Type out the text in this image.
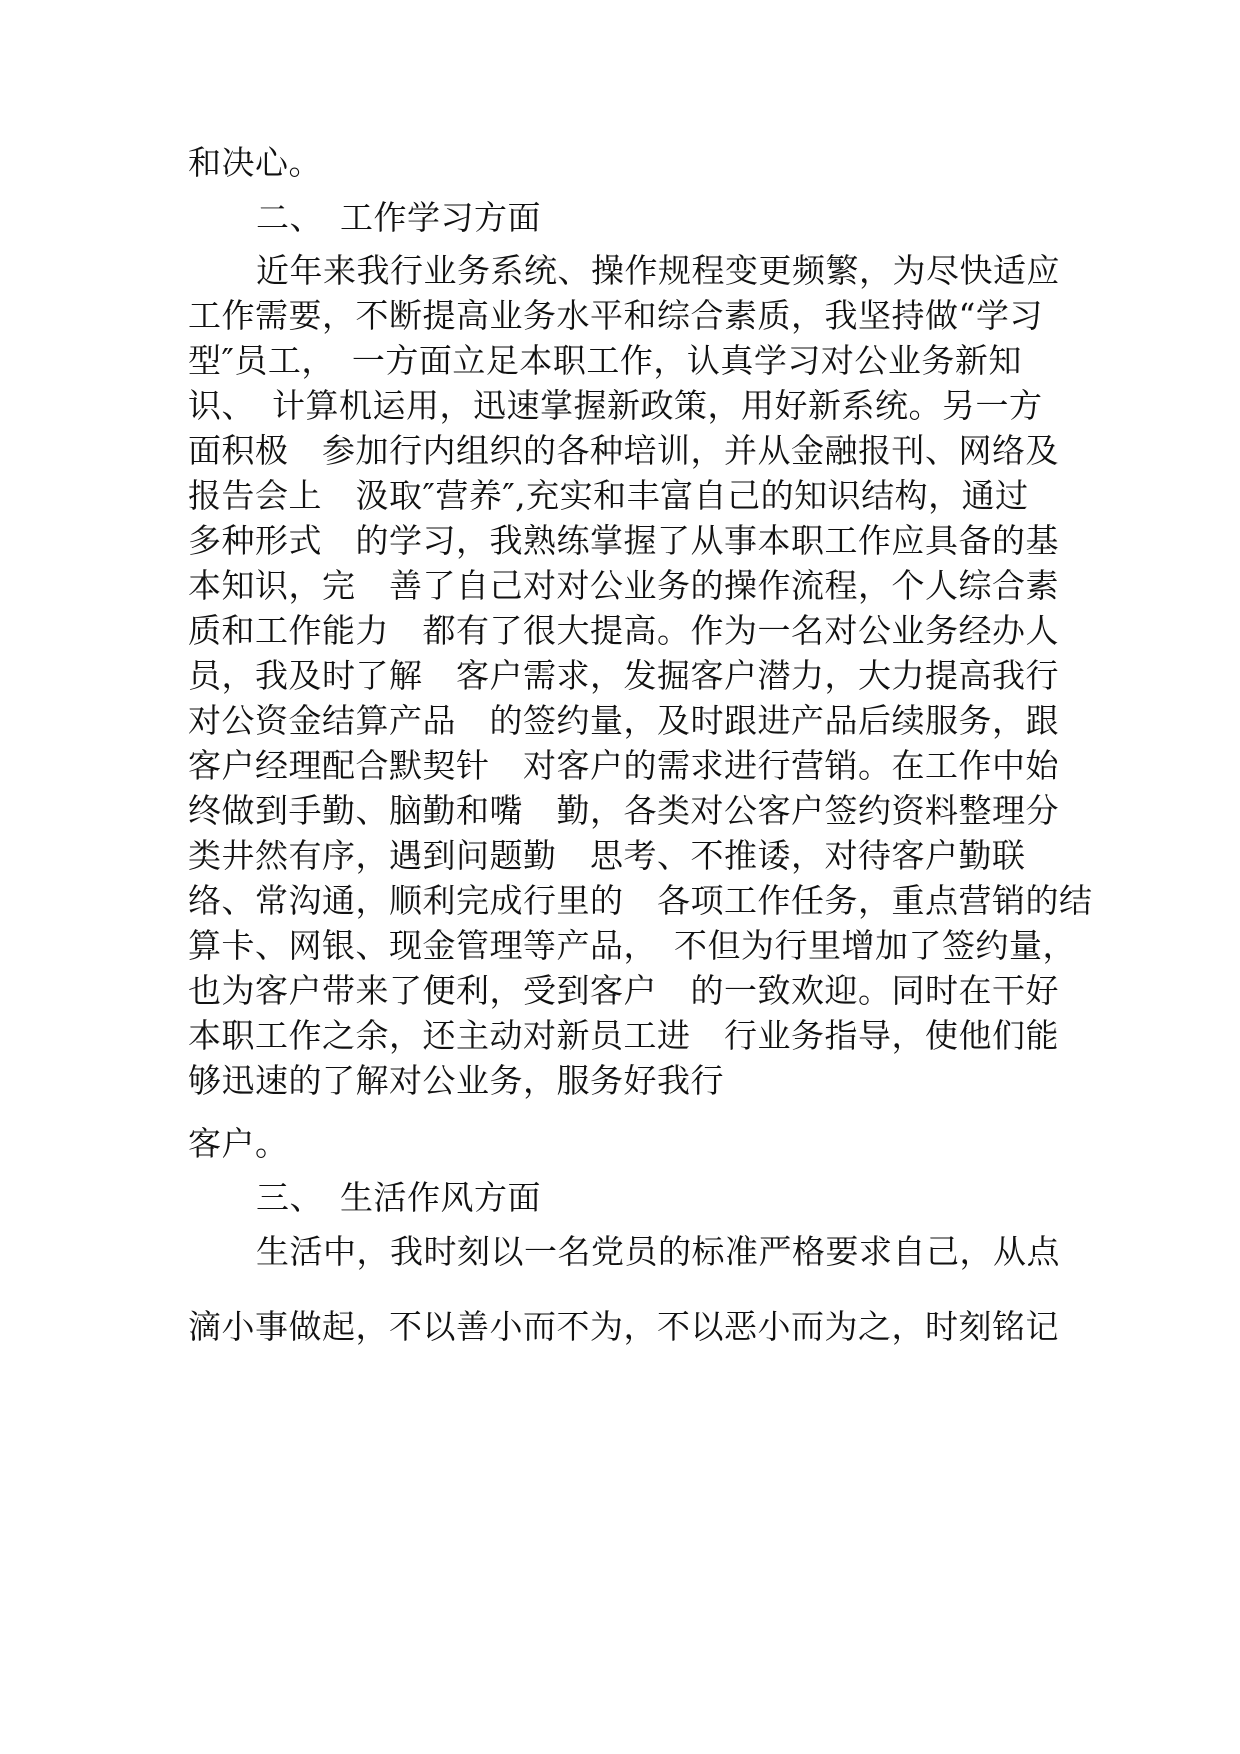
和决心。
二、　工作学习方面
近年来我行业务系统、操作规程变更频繁，为尽快适应
工作需要，不断提高业务水平和综合素质，我坚持做“学习
型″员工，　一方面立足本职工作，认真学习对公业务新知
识、　计算机运用，迅速掌握新政策，用好新系统。另一方
面积极　参加行内组织的各种培训，并从金融报刊、网络及
报告会上　汲取″营养″,充实和丰富自己的知识结构，通过
多种形式　的学习，我熟练掌握了从事本职工作应具备的基
本知识，完　善了自己对对公业务的操作流程，个人综合素
质和工作能力　都有了很大提高。作为一名对公业务经办人
员，我及时了解　客户需求，发掘客户潜力，大力提高我行
对公资金结算产品　的签约量，及时跟进产品后续服务，跟
客户经理配合默契针　对客户的需求进行营销。在工作中始
终做到手勤、脑勤和嘴　勤，各类对公客户签约资料整理分
类井然有序，遇到问题勤　思考、不推诿，对待客户勤联
络、常沟通，顺利完成行里的　各项工作任务，重点营销的结
算卡、网银、现金管理等产品，　不但为行里增加了签约量，
也为客户带来了便利，受到客户　的一致欢迎。同时在干好
本职工作之余，还主动对新员工进　行业务指导，使他们能
够迅速的了解对公业务，服务好我行
客户。
三、　生活作风方面
生活中，我时刻以一名党员的标准严格要求自己，从点
滴小事做起，不以善小而不为，不以恶小而为之，时刻铭记
